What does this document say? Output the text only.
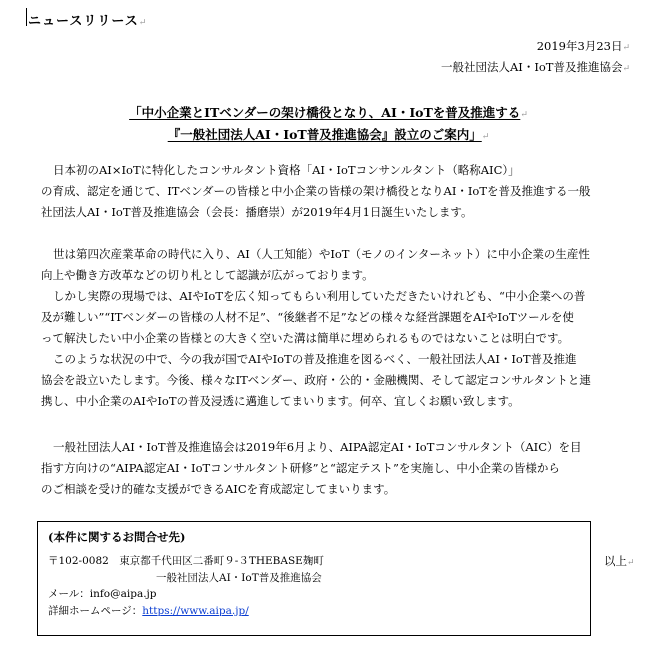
ニュースリリース↵
2019年3月23日↵
一般社団法人AI・IoT普及推進協会↵
「中小企業とITベンダーの架け橋役となり、AI・IoTを普及推進する↵
『一般社団法人AI・IoT普及推進協会』設立のご案内」↵
日本初のAI×IoTに特化したコンサルタント資格「AI・IoTコンサンルタント（略称AIC）」
の育成、認定を通じて、ITベンダーの皆様と中小企業の皆様の架け橋役となりAI・IoTを普及推進する一般
社団法人AI・IoT普及推進協会（会長：播磨崇）が2019年4月1日誕生いたします。
世は第四次産業革命の時代に入り、AI（人工知能）やIoT（モノのインターネット）に中小企業の生産性
向上や働き方改革などの切り札として認識が広がっております。
しかし実際の現場では、AIやIoTを広く知ってもらい利用していただきたいけれども、“中小企業への普
及が難しい”“ITベンダーの皆様の人材不足”、“後継者不足”などの様々な経営課題をAIやIoTツールを使
って解決したい中小企業の皆様との大きく空いた溝は簡単に埋められるものではないことは明白です。
このような状況の中で、今の我が国でAIやIoTの普及推進を図るべく、一般社団法人AI・IoT普及推進
協会を設立いたします。今後、様々なITベンダー、政府・公的・金融機関、そして認定コンサルタントと連
携し、中小企業のAIやIoTの普及浸透に邁進してまいります。何卒、宜しくお願い致します。
一般社団法人AI・IoT普及推進協会は2019年6月より、AIPA認定AI・IoTコンサルタント（AIC）を目
指す方向けの“AIPA認定AI・IoTコンサルタント研修”と“認定テスト”を実施し、中小企業の皆様から
のご相談を受け的確な支援ができるAICを育成認定してまいります。
(本件に関するお問合せ先)
〒102-0082　東京都千代田区二番町９-３THEBASE麹町
一般社団法人AI・IoT普及推進協会
メール：info@aipa.jp
詳細ホームページ：https://www.aipa.jp/
以上↵
